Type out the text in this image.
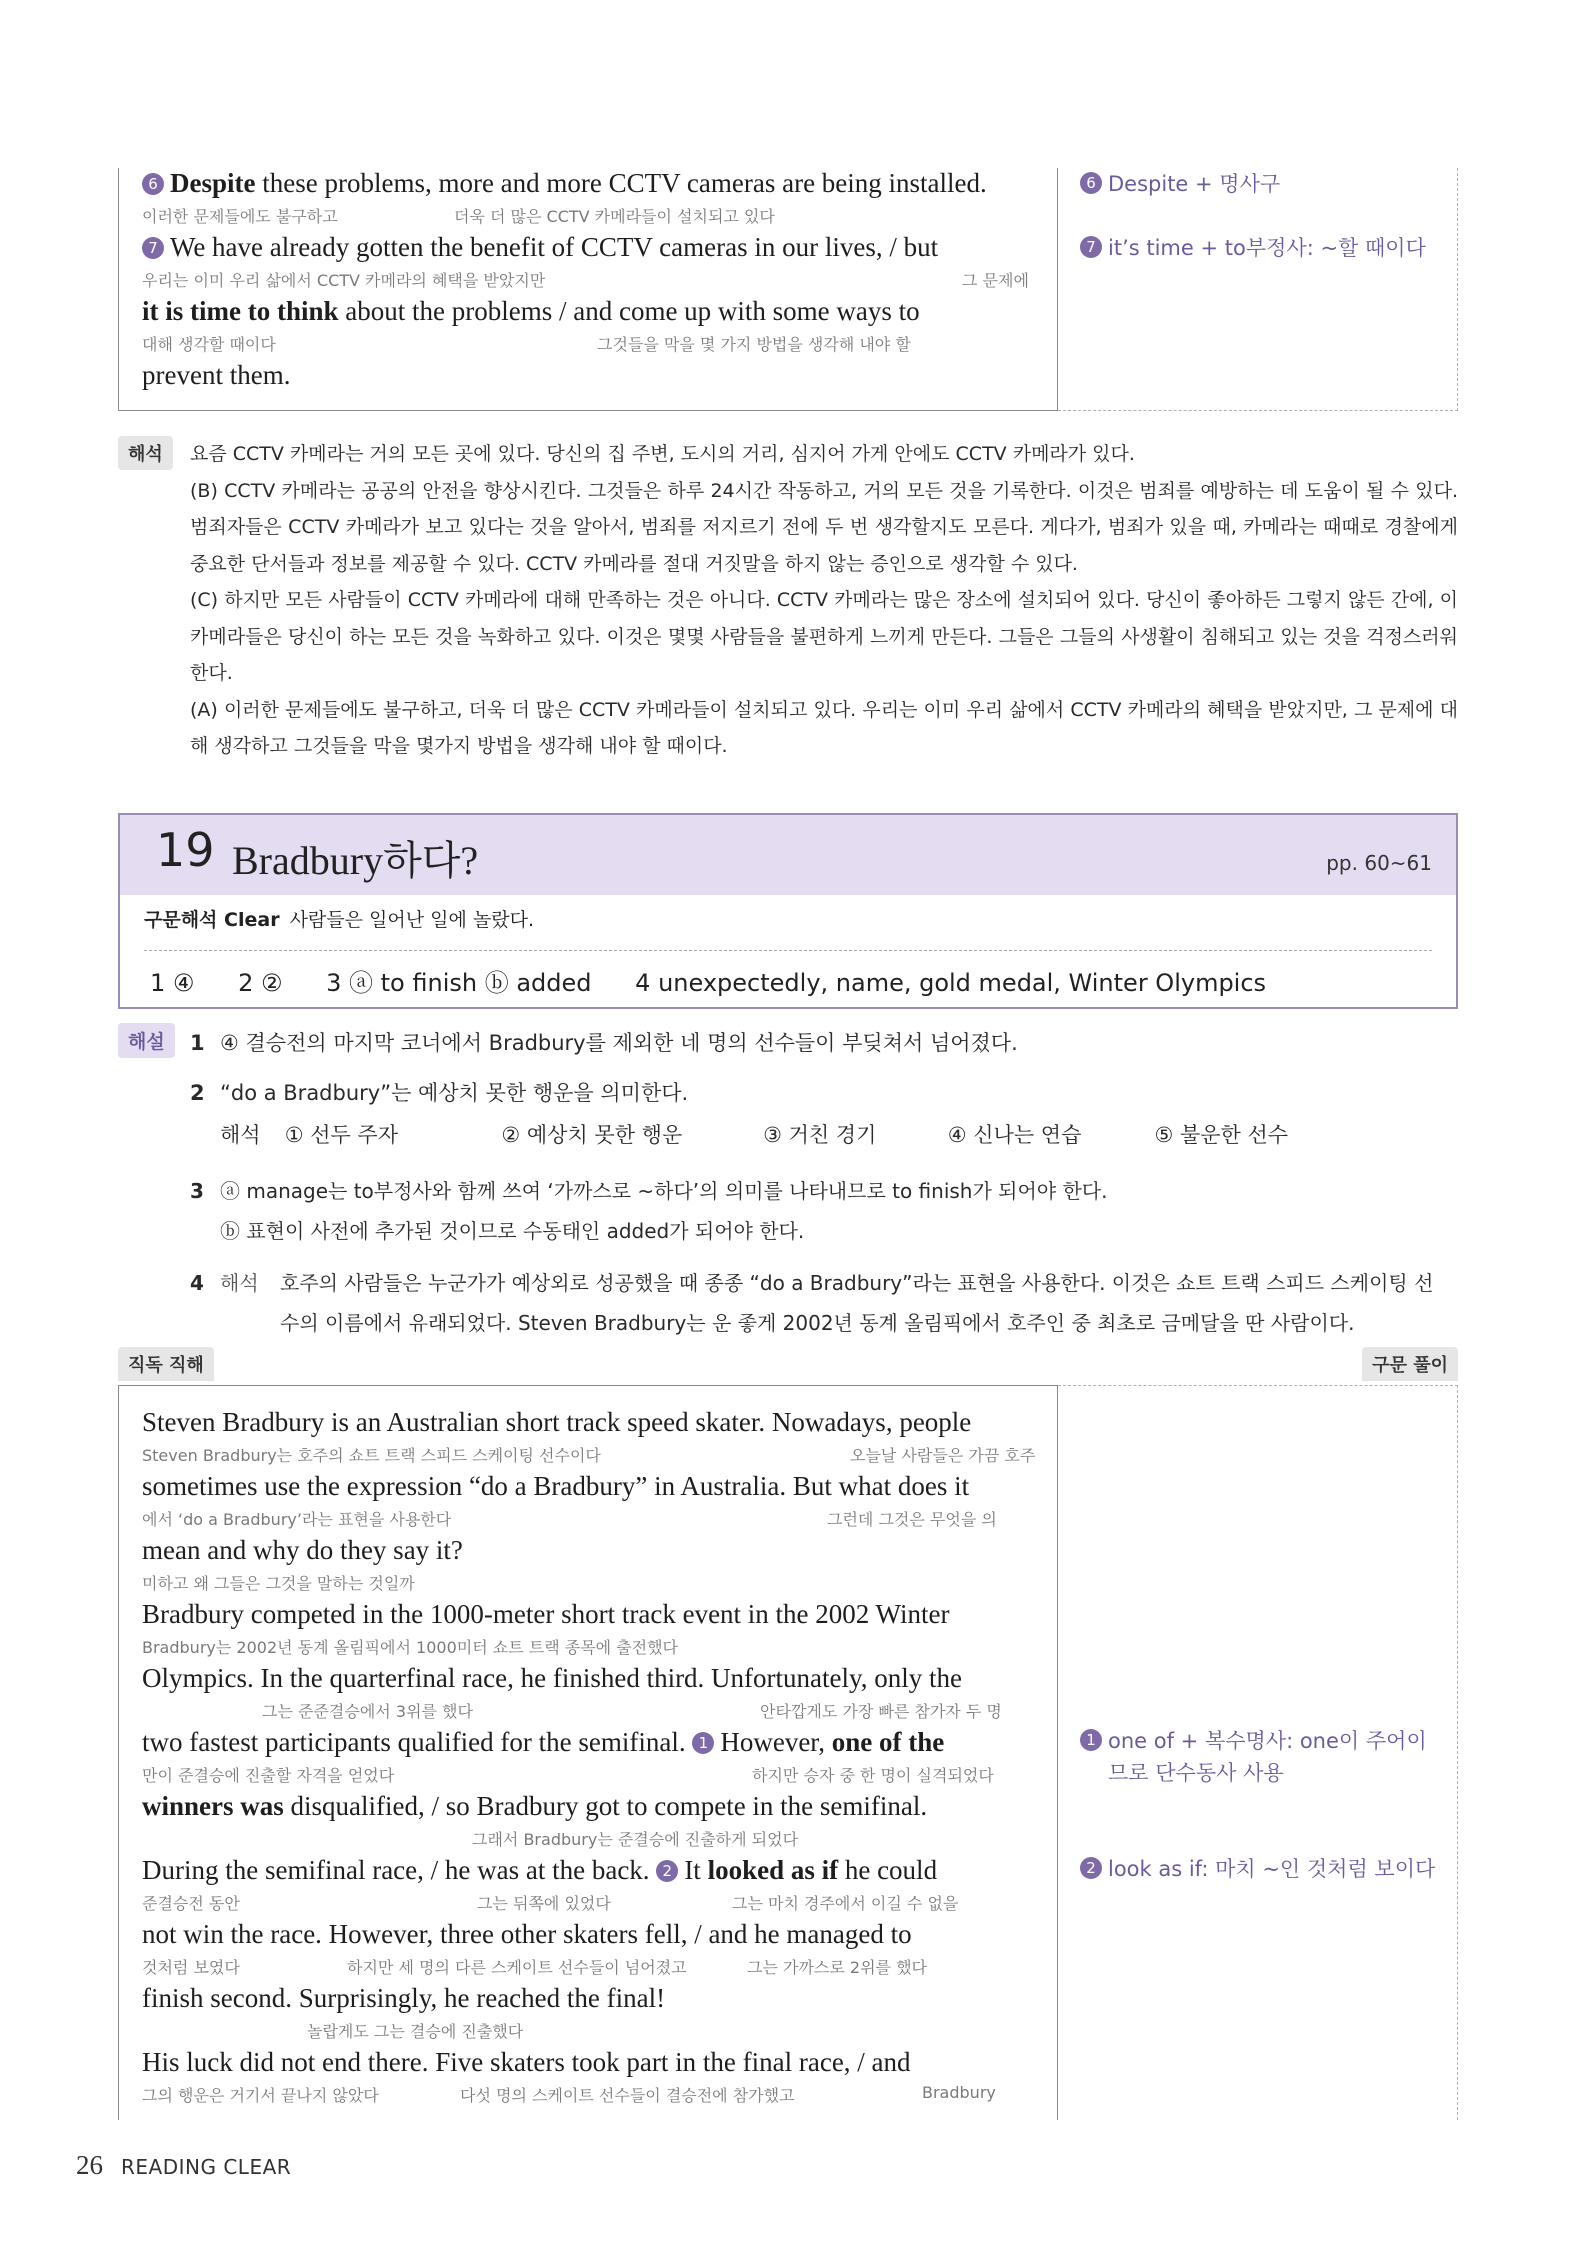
6 Despite these problems, more and more CCTV cameras are being installed.
이러한 문제들에도 불구하고	더욱 더 많은 CCTV 카메라들이 설치되고 있다
7 We have already gotten the benefit of CCTV cameras in our lives, / but
우리는 이미 우리 삶에서 CCTV 카메라의 혜택을 받았지만	그 문제에
it is time to think about the problems / and come up with some ways to
대해 생각할 때이다	그것들을 막을 몇 가지 방법을 생각해 내야 할
prevent them.
6 Despite + 명사구
7 it’s time + to부정사: ~할 때이다
해석	요즘 CCTV 카메라는 거의 모든 곳에 있다. 당신의 집 주변, 도시의 거리, 심지어 가게 안에도 CCTV 카메라가 있다.

(B) CCTV 카메라는 공공의 안전을 향상시킨다. 그것들은 하루 24시간 작동하고, 거의 모든 것을 기록한다. 이것은 범죄를 예방하는 데 도움이 될 수 있다. 범죄자들은 CCTV 카메라가 보고 있다는 것을 알아서, 범죄를 저지르기 전에 두 번 생각할지도 모른다. 게다가, 범죄가 있을 때, 카메라는 때때로 경찰에게 중요한 단서들과 정보를 제공할 수 있다. CCTV 카메라를 절대 거짓말을 하지 않는 증인으로 생각할 수 있다.

(C) 하지만 모든 사람들이 CCTV 카메라에 대해 만족하는 것은 아니다. CCTV 카메라는 많은 장소에 설치되어 있다. 당신이 좋아하든 그렇지 않든 간에, 이 카메라들은 당신이 하는 모든 것을 녹화하고 있다. 이것은 몇몇 사람들을 불편하게 느끼게 만든다. 그들은 그들의 사생활이 침해되고 있는 것을 걱정스러워한다.

(A) 이러한 문제들에도 불구하고, 더욱 더 많은 CCTV 카메라들이 설치되고 있다. 우리는 이미 우리 삶에서 CCTV 카메라의 혜택을 받았지만, 그 문제에 대해 생각하고 그것들을 막을 몇가지 방법을 생각해 내야 할 때이다.

19 Bradbury하다?	pp. 60~61
구문해석 Clear 사람들은 일어난 일에 놀랐다.
1 ④ 2 ② 3 ⓐ to finish ⓑ added 4 unexpectedly, name, gold medal, Winter Olympics
해설	1 ④ 결승전의 마지막 코너에서 Bradbury를 제외한 네 명의 선수들이 부딪쳐서 넘어졌다.
2 “do a Bradbury”는 예상치 못한 행운을 의미한다.
해석 ① 선두 주자	② 예상치 못한 행운	③ 거친 경기	④ 신나는 연습	⑤ 불운한 선수
3 ⓐ manage는 to부정사와 함께 쓰여 ‘가까스로 ~하다’의 의미를 나타내므로 to finish가 되어야 한다.
ⓑ 표현이 사전에 추가된 것이므로 수동태인 added가 되어야 한다.
4 해석 호주의 사람들은 누군가가 예상외로 성공했을 때 종종 “do a Bradbury”라는 표현을 사용한다. 이것은 쇼트 트랙 스피드 스케이팅 선
수의 이름에서 유래되었다. Steven Bradbury는 운 좋게 2002년 동계 올림픽에서 호주인 중 최초로 금메달을 딴 사람이다.
직독 직해	구문 풀이
Steven Bradbury is an Australian short track speed skater. Nowadays, people
Steven Bradbury는 호주의 쇼트 트랙 스피드 스케이팅 선수이다	오늘날 사람들은 가끔 호주
sometimes use the expression “do a Bradbury” in Australia. But what does it
에서 ‘do a Bradbury’라는 표현을 사용한다	그런데 그것은 무엇을 의
mean and why do they say it?
미하고 왜 그들은 그것을 말하는 것일까
Bradbury competed in the 1000-meter short track event in the 2002 Winter
Bradbury는 2002년 동계 올림픽에서 1000미터 쇼트 트랙 종목에 출전했다
Olympics. In the quarterfinal race, he finished third. Unfortunately, only the
그는 준준결승에서 3위를 했다	안타깝게도 가장 빠른 참가자 두 명
two fastest participants qualified for the semifinal. 1 However, one of the
만이 준결승에 진출할 자격을 얻었다	하지만 승자 중 한 명이 실격되었다
winners was disqualified, / so Bradbury got to compete in the semifinal.
그래서 Bradbury는 준결승에 진출하게 되었다
During the semifinal race, / he was at the back. 2 It looked as if he could
준결승전 동안	그는 뒤쪽에 있었다	그는 마치 경주에서 이길 수 없을
not win the race. However, three other skaters fell, / and he managed to
것처럼 보였다	하지만 세 명의 다른 스케이트 선수들이 넘어졌고	그는 가까스로 2위를 했다
finish second. Surprisingly, he reached the final!
놀랍게도 그는 결승에 진출했다
His luck did not end there. Five skaters took part in the final race, / and
그의 행운은 거기서 끝나지 않았다	다섯 명의 스케이트 선수들이 결승전에 참가했고	Bradbury
1 one of + 복수명사: one이 주어이
므로 단수동사 사용
2 look as if: 마치 ~인 것처럼 보이다
26 READING CLEAR
